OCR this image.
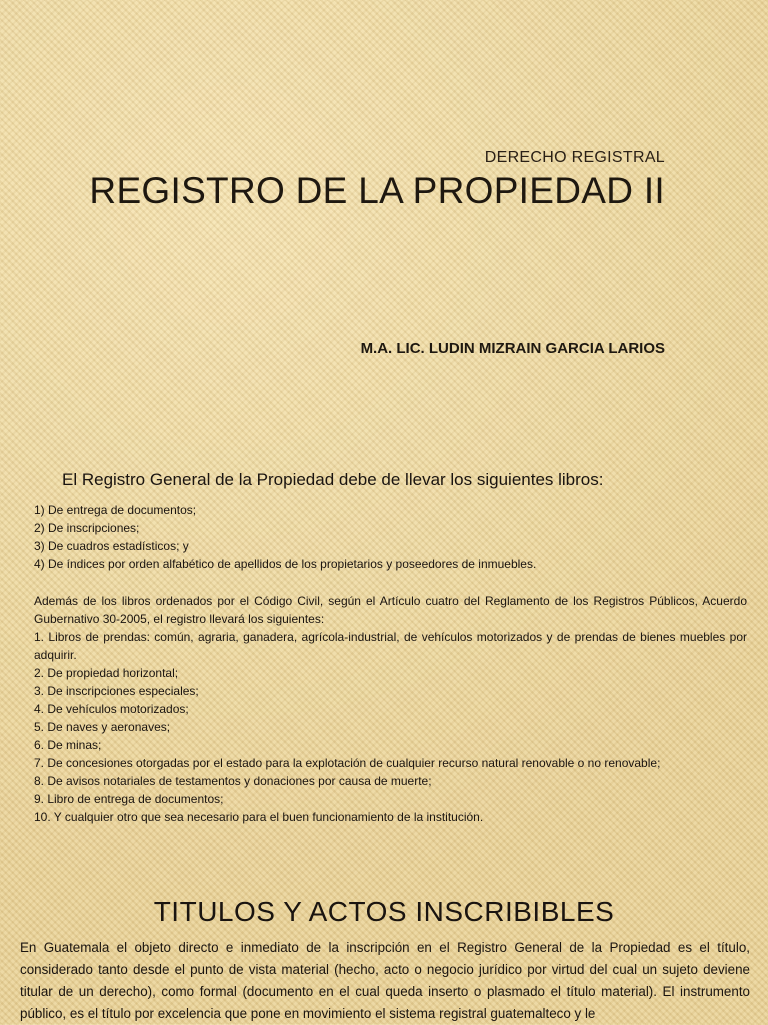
DERECHO REGISTRAL

REGISTRO DE LA PROPIEDAD II

M.A. LIC. LUDIN MIZRAIN GARCIA LARIOS

El Registro General de la Propiedad debe de llevar los siguientes libros:
1) De entrega de documentos;
2) De inscripciones;
3) De cuadros estadísticos; y
4) De índices por orden alfabético de apellidos de los propietarios y poseedores de inmuebles.

Además de los libros ordenados por el Código Civil, según el Artículo cuatro del Reglamento de los Registros Públicos, Acuerdo Gubernativo 30-2005, el registro llevará los siguientes:

1. Libros de prendas: común, agraria, ganadera, agrícola-industrial, de vehículos motorizados y de prendas de bienes muebles por adquirir.
2. De propiedad horizontal;
3. De inscripciones especiales;
4. De vehículos motorizados;
5. De naves y aeronaves;
6. De minas;
7. De concesiones otorgadas por el estado para la explotación de cualquier recurso natural renovable o no renovable;
8. De avisos notariales de testamentos y donaciones por causa de muerte;
9. Libro de entrega de documentos;
10. Y cualquier otro que sea necesario para el buen funcionamiento de la institución.
TITULOS Y ACTOS INSCRIBIBLES

En Guatemala el objeto directo e inmediato de la inscripción en el Registro General de la Propiedad es el título, considerado tanto desde el punto de vista material (hecho, acto o negocio jurídico por virtud del cual un sujeto deviene titular de un derecho), como formal (documento en el cual queda inserto o plasmado el título material). El instrumento público, es el título por excelencia que pone en movimiento el sistema registral guatemalteco y le
